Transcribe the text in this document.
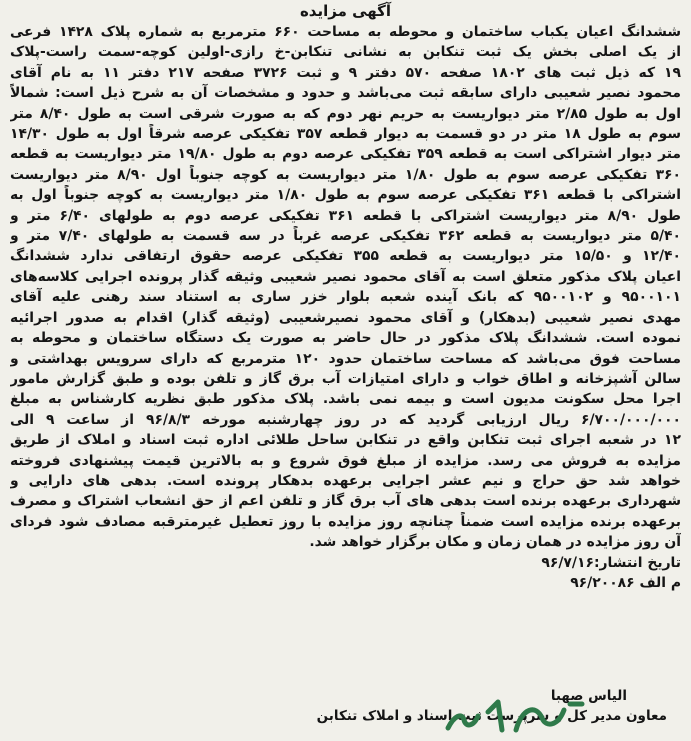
آگهی مزایده
ششدانگ اعیان یکباب ساختمان و محوطه به مساحت ۶۶۰ مترمربع به شماره پلاک ۱۴۲۸ فرعی
از یک اصلی بخش یک ثبت تنکابن به نشانی تنکابن-خ رازی-اولین کوچه-سمت راست-پلاک
۱۹ که ذیل ثبت های ۱۸۰۲ صفحه ۵۷۰ دفتر ۹ و ثبت ۳۷۲۶ صفحه ۲۱۷ دفتر ۱۱ به نام آقای
محمود نصیر شعیبی دارای سابقه ثبت می‌باشد و حدود و مشخصات آن به شرح ذیل است: شمالاً
اول به طول ۲/۸۵ متر دیواریست به حریم نهر دوم که به صورت شرقی است به طول ۸/۴۰ متر
سوم به طول ۱۸ متر در دو قسمت به دیوار قطعه ۳۵۷ تفکیکی عرصه شرقاً اول به طول ۱۴/۳۰
متر دیوار اشتراکی است به قطعه ۳۵۹ تفکیکی عرصه دوم به طول ۱۹/۸۰ متر دیواریست به قطعه
۳۶۰ تفکیکی عرصه سوم به طول ۱/۸۰ متر دیواریست به کوچه جنوباً اول ۸/۹۰ متر دیواریست
اشتراکی با قطعه ۳۶۱ تفکیکی عرصه سوم به طول ۱/۸۰ متر دیواریست به کوچه جنوباً اول به
طول ۸/۹۰ متر دیواریست اشتراکی با قطعه ۳۶۱ تفکیکی عرصه دوم به طولهای ۶/۴۰ متر و
۵/۴۰ متر دیواریست به قطعه ۳۶۲ تفکیکی عرصه غرباً در سه قسمت به طولهای ۷/۴۰ متر و
۱۲/۴۰ و ۱۵/۵۰ متر دیواریست به قطعه ۳۵۵ تفکیکی عرصه حقوق ارتفاقی ندارد ششدانگ
اعیان پلاک مذکور متعلق است به آقای محمود نصیر شعیبی وثیقه گذار پرونده اجرایی کلاسه‌های
۹۵۰۰۱۰۱ و ۹۵۰۰۱۰۲ که بانک آینده شعبه بلوار خزر ساری به استناد سند رهنی علیه آقای
مهدی نصیر شعیبی (بدهکار) و آقای محمود نصیرشعیبی (وثیقه گذار) اقدام به صدور اجرائیه
نموده است. ششدانگ پلاک مذکور در حال حاضر به صورت یک دستگاه ساختمان و محوطه به
مساحت فوق می‌باشد که مساحت ساختمان حدود ۱۲۰ مترمربع که دارای سرویس بهداشتی و
سالن آشپزخانه و اطاق خواب و دارای امتیازات آب برق گاز و تلفن بوده و طبق گزارش مامور
اجرا محل سکونت مدیون است و بیمه نمی باشد. پلاک مذکور طبق نظریه کارشناس به مبلغ
۶/۷۰۰/۰۰۰/۰۰۰ ریال ارزیابی گردید که در روز چهارشنبه مورخه ۹۶/۸/۳ از ساعت ۹ الی
۱۲ در شعبه اجرای ثبت تنکابن واقع در تنکابن ساحل طلائی اداره ثبت اسناد و املاک از طریق
مزایده به فروش می رسد. مزایده از مبلغ فوق شروع و به بالاترین قیمت پیشنهادی فروخته
خواهد شد حق حراج و نیم عشر اجرایی برعهده بدهکار پرونده است. بدهی های دارایی و
شهرداری برعهده برنده است بدهی های آب برق گاز و تلفن اعم از حق انشعاب اشتراک و مصرف
برعهده برنده مزایده است ضمناً چنانچه روز مزایده با روز تعطیل غیرمترقبه مصادف شود فردای
آن روز مزایده در همان زمان و مکان برگزار خواهد شد.
تاریخ انتشار:۹۶/۷/۱۶
م الف ۹۶/۲۰۰۸۶
الیاس صهبا
معاون مدیر کل و سرپرست ثبت اسناد و املاک تنکابن
